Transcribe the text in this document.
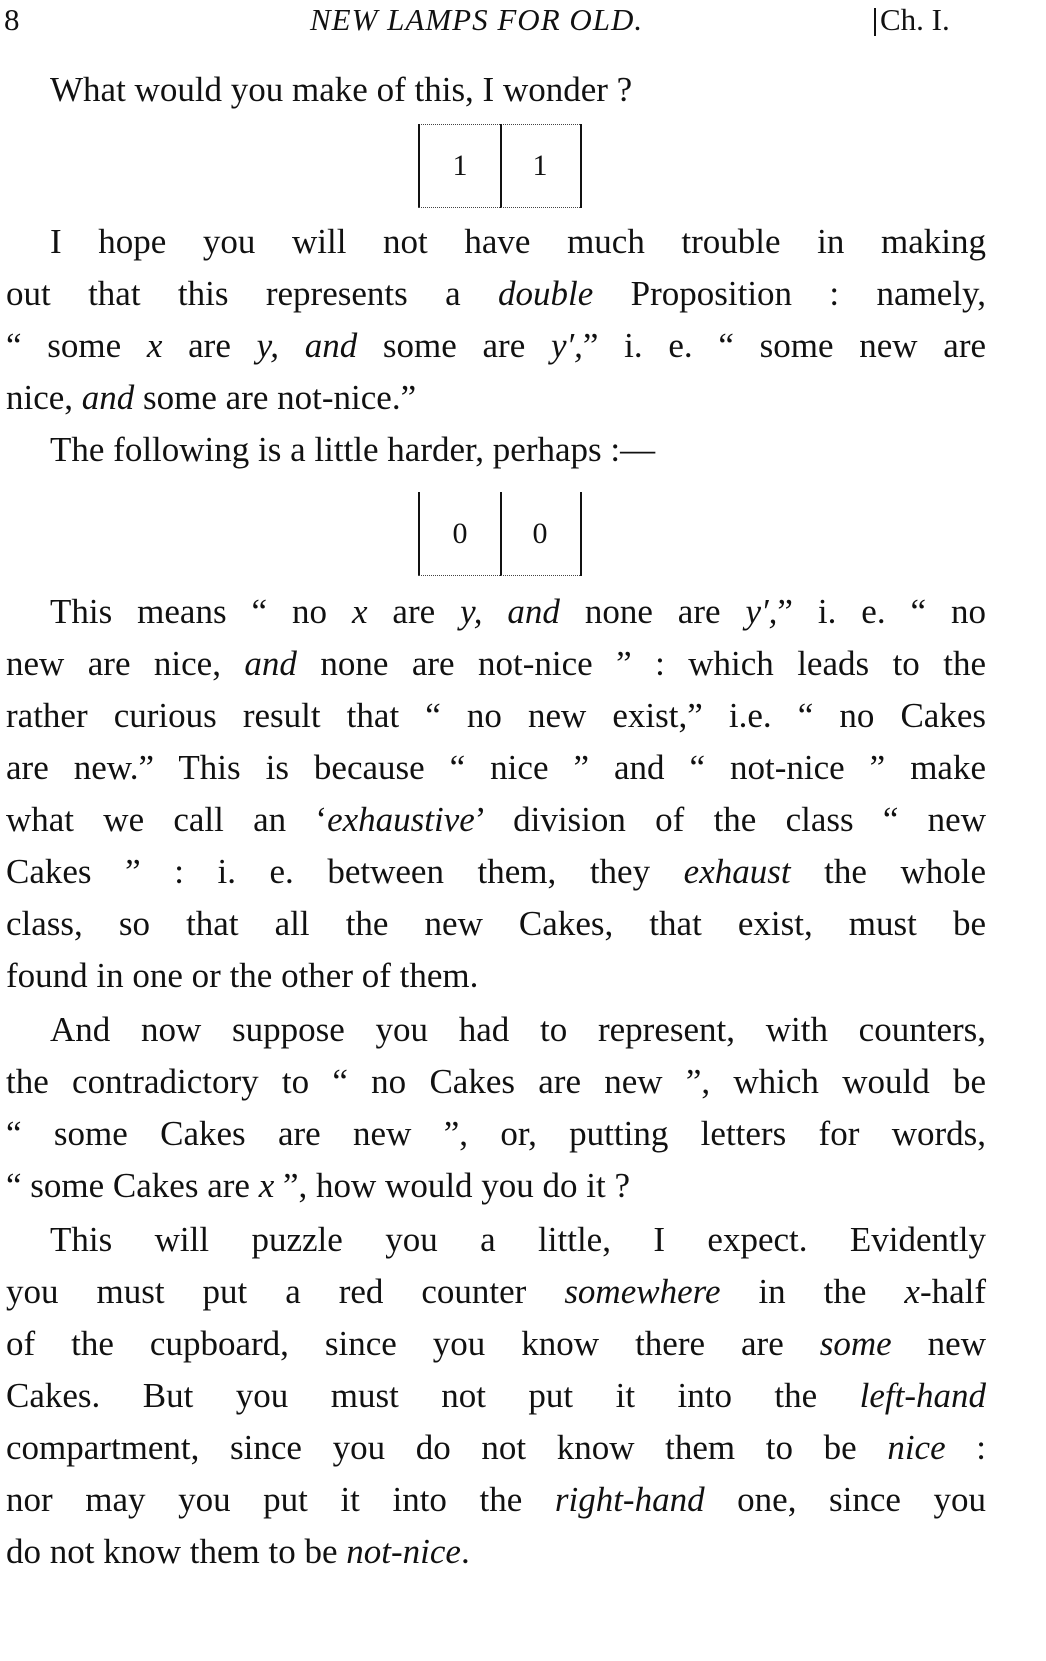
8	NEW LAMPS FOR OLD.	Ch. I.
What would you make of this, I wonder ?
1	1
I hope you will not have much trouble in making
out that this represents a double Proposition : namely,
“ some x are y, and some are y′,” i. e. “ some new are
nice, and some are not-nice.”
The following is a little harder, perhaps :—
0	0
This means “ no x are y, and none are y′,” i. e. “ no
new are nice, and none are not-nice ” : which leads to the
rather curious result that “ no new exist,” i.e. “ no Cakes
are new.” This is because “ nice ” and “ not-nice ” make
what we call an ‘exhaustive’ division of the class “ new
Cakes ” : i. e. between them, they exhaust the whole
class, so that all the new Cakes, that exist, must be
found in one or the other of them.
And now suppose you had to represent, with counters,
the contradictory to “ no Cakes are new ”, which would be
“ some Cakes are new ”, or, putting letters for words,
“ some Cakes are x ”, how would you do it ?
This will puzzle you a little, I expect. Evidently
you must put a red counter somewhere in the x-half
of the cupboard, since you know there are some new
Cakes. But you must not put it into the left-hand
compartment, since you do not know them to be nice :
nor may you put it into the right-hand one, since you
do not know them to be not-nice.
